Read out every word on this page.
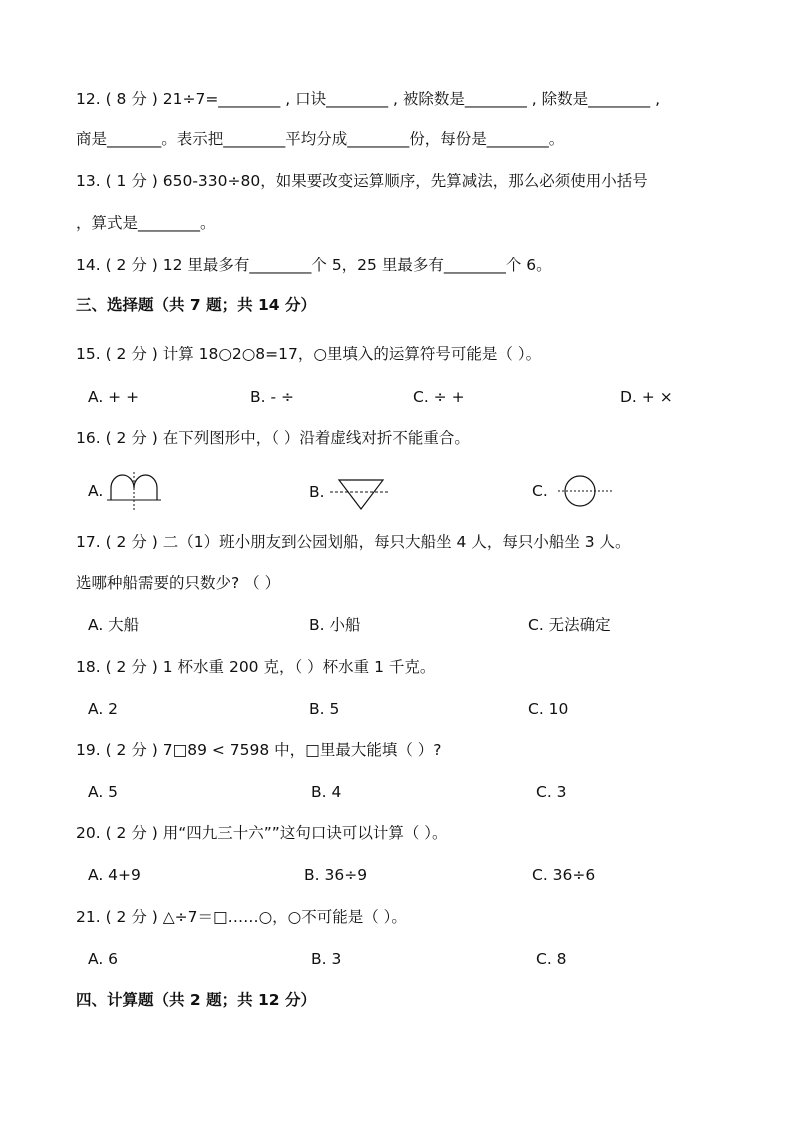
12. ( 8 分 ) 21÷7=________ , 口诀________ , 被除数是________ , 除数是________ ,
商是_______。表示把________平均分成________份，每份是________。
13. ( 1 分 ) 650-330÷80，如果要改变运算顺序，先算减法，那么必须使用小括号
，算式是________。
14. ( 2 分 ) 12 里最多有________个 5，25 里最多有________个 6。
三、选择题（共 7 题；共 14 分）
15. ( 2 分 ) 计算 18○2○8=17，○里填入的运算符号可能是（ ）。
A. + +	B. - ÷	C. ÷ +	D. + ×
16. ( 2 分 ) 在下列图形中，（ ）沿着虚线对折不能重合。
A.	B.	C.
17. ( 2 分 ) 二（1）班小朋友到公园划船，每只大船坐 4 人，每只小船坐 3 人。
选哪种船需要的只数少? （ ）
A. 大船	B. 小船	C. 无法确定
18. ( 2 分 ) 1 杯水重 200 克，（ ）杯水重 1 千克。
A. 2	B. 5	C. 10
19. ( 2 分 ) 7□89 < 7598 中，□里最大能填（ ）?
A. 5	B. 4	C. 3
20. ( 2 分 ) 用“四九三十六””这句口诀可以计算（ ）。
A. 4+9	B. 36÷9	C. 36÷6
21. ( 2 分 ) △÷7＝□……○，○不可能是（ ）。
A. 6	B. 3	C. 8
四、计算题（共 2 题；共 12 分）
